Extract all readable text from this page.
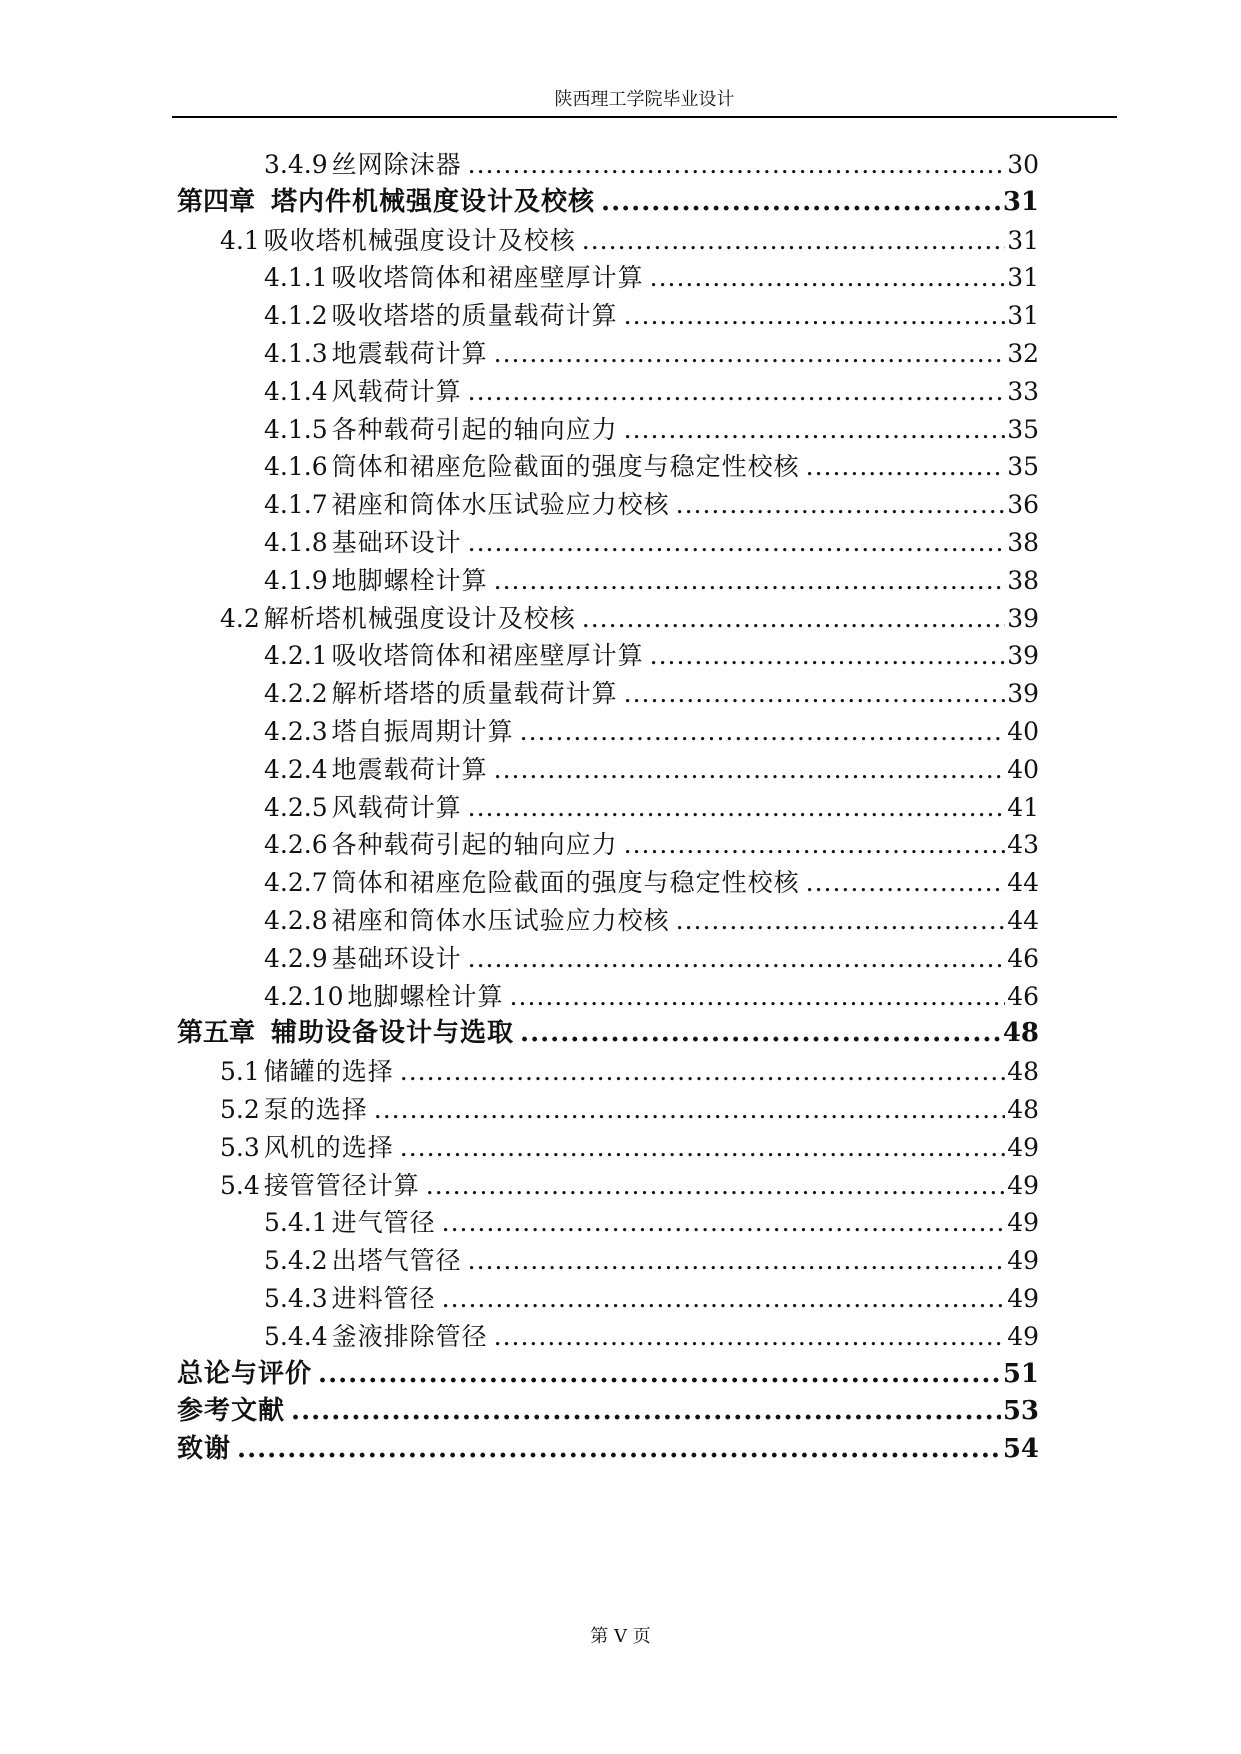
陕西理工学院毕业设计
3.4.9 丝网除沫器 .....	30
第四章 塔内件机械强度设计及校核 .....	31
4.1 吸收塔机械强度设计及校核 .....	31
4.1.1 吸收塔筒体和裙座壁厚计算 .....	31
4.1.2 吸收塔塔的质量载荷计算 .....	31
4.1.3 地震载荷计算 .....	32
4.1.4 风载荷计算 .....	33
4.1.5 各种载荷引起的轴向应力 .....	35
4.1.6 筒体和裙座危险截面的强度与稳定性校核 .....	35
4.1.7 裙座和筒体水压试验应力校核 .....	36
4.1.8 基础环设计 .....	38
4.1.9 地脚螺栓计算 .....	38
4.2 解析塔机械强度设计及校核 .....	39
4.2.1 吸收塔筒体和裙座壁厚计算 .....	39
4.2.2 解析塔塔的质量载荷计算 .....	39
4.2.3 塔自振周期计算 .....	40
4.2.4 地震载荷计算 .....	40
4.2.5 风载荷计算 .....	41
4.2.6 各种载荷引起的轴向应力 .....	43
4.2.7 筒体和裙座危险截面的强度与稳定性校核 .....	44
4.2.8 裙座和筒体水压试验应力校核 .....	44
4.2.9 基础环设计 .....	46
4.2.10 地脚螺栓计算 .....	46
第五章 辅助设备设计与选取 .....	48
5.1 储罐的选择 .....	48
5.2 泵的选择 .....	48
5.3 风机的选择 .....	49
5.4 接管管径计算 .....	49
5.4.1 进气管径 .....	49
5.4.2 出塔气管径 .....	49
5.4.3 进料管径 .....	49
5.4.4 釜液排除管径 .....	49
总论与评价 .....	51
参考文献 .....	53
致谢 .....	54
第 V 页
